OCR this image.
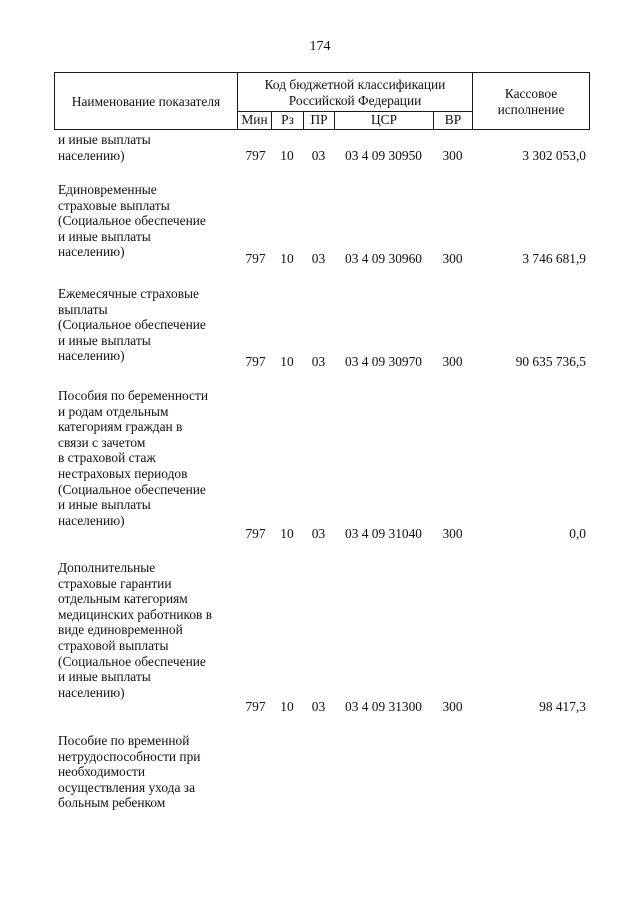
174
Наименование показателя
Код бюджетной классификации
Российской Федерации
Мин	Рз	ПР	ЦСР	ВР
Кассовое
исполнение
и иные выплаты
населению)	797	10	03	03 4 09 30950	300	3 302 053,0
Единовременные
страховые выплаты
(Социальное обеспечение
и иные выплаты
населению)	797	10	03	03 4 09 30960	300	3 746 681,9
Ежемесячные страховые
выплаты
(Социальное обеспечение
и иные выплаты
населению)	797	10	03	03 4 09 30970	300	90 635 736,5
Пособия по беременности
и родам отдельным
категориям граждан в
связи с зачетом
в страховой стаж
нестраховых периодов
(Социальное обеспечение
и иные выплаты
населению)
797	10	03	03 4 09 31040	300	0,0
Дополнительные
страховые гарантии
отдельным категориям
медицинских работников в
виде единовременной
страховой выплаты
(Социальное обеспечение
и иные выплаты
населению)
797	10	03	03 4 09 31300	300	98 417,3
Пособие по временной
нетрудоспособности при
необходимости
осуществления ухода за
больным ребенком
